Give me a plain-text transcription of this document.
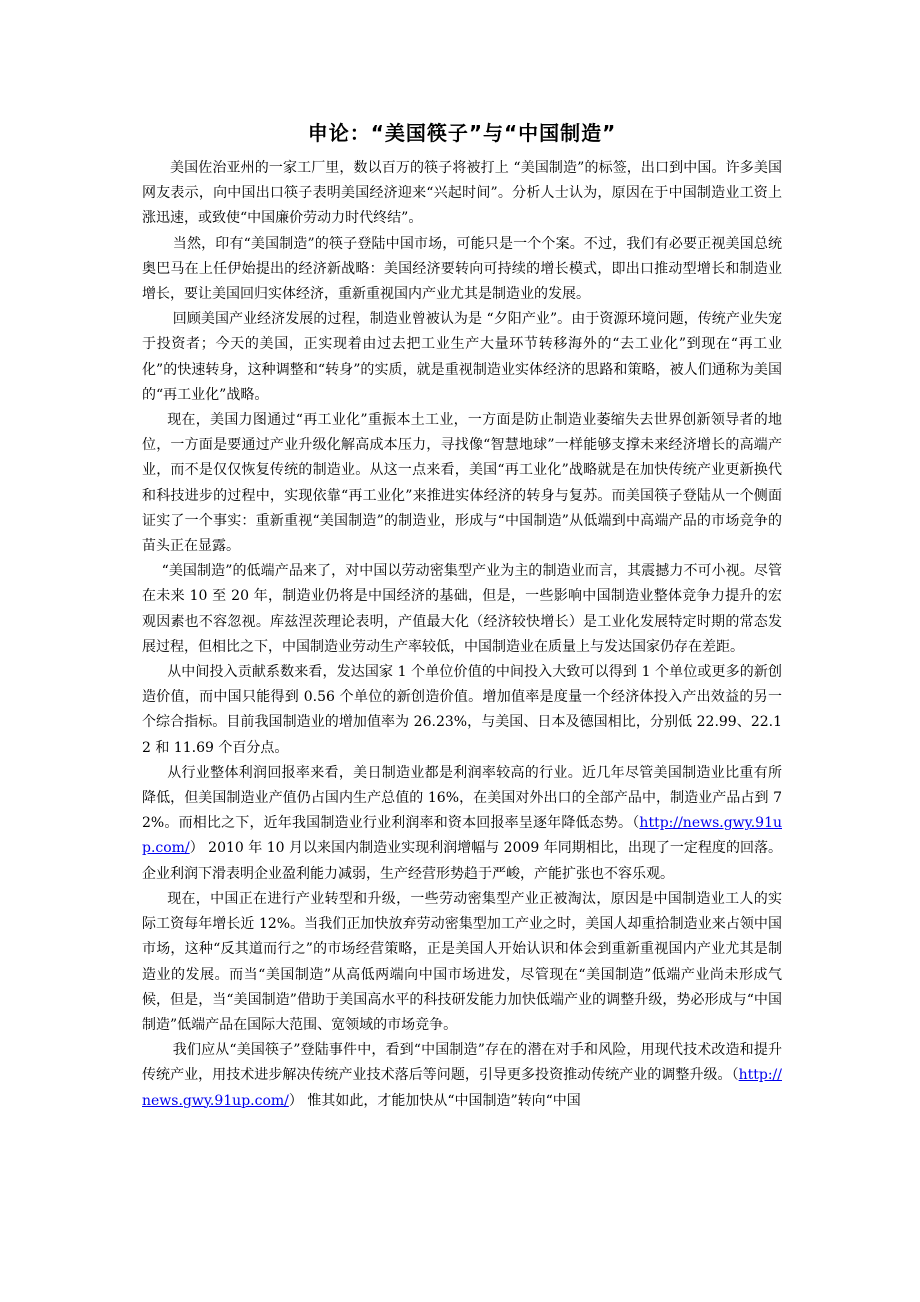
申论：“美国筷子”与“中国制造”

美国佐治亚州的一家工厂里，数以百万的筷子将被打上 “美国制造”的标签，出口到中国。许多美国网友表示，向中国出口筷子表明美国经济迎来“兴起时间”。分析人士认为，原因在于中国制造业工资上涨迅速，或致使“中国廉价劳动力时代终结”。

当然，印有“美国制造”的筷子登陆中国市场，可能只是一个个案。不过，我们有必要正视美国总统奥巴马在上任伊始提出的经济新战略：美国经济要转向可持续的增长模式，即出口推动型增长和制造业增长，要让美国回归实体经济，重新重视国内产业尤其是制造业的发展。

回顾美国产业经济发展的过程，制造业曾被认为是 “夕阳产业”。由于资源环境问题，传统产业失宠于投资者；今天的美国，正实现着由过去把工业生产大量环节转移海外的“去工业化”到现在“再工业化”的快速转身，这种调整和“转身”的实质，就是重视制造业实体经济的思路和策略，被人们通称为美国的“再工业化”战略。

现在，美国力图通过“再工业化”重振本土工业，一方面是防止制造业萎缩失去世界创新领导者的地位，一方面是要通过产业升级化解高成本压力，寻找像“智慧地球”一样能够支撑未来经济增长的高端产业，而不是仅仅恢复传统的制造业。从这一点来看，美国“再工业化”战略就是在加快传统产业更新换代和科技进步的过程中，实现依靠“再工业化”来推进实体经济的转身与复苏。而美国筷子登陆从一个侧面证实了一个事实：重新重视“美国制造”的制造业，形成与“中国制造”从低端到中高端产品的市场竞争的苗头正在显露。

“美国制造”的低端产品来了，对中国以劳动密集型产业为主的制造业而言，其震撼力不可小视。尽管在未来 10 至 20 年，制造业仍将是中国经济的基础，但是，一些影响中国制造业整体竞争力提升的宏观因素也不容忽视。库兹涅茨理论表明，产值最大化（经济较快增长）是工业化发展特定时期的常态发展过程，但相比之下，中国制造业劳动生产率较低，中国制造业在质量上与发达国家仍存在差距。

从中间投入贡献系数来看，发达国家 1 个单位价值的中间投入大致可以得到 1 个单位或更多的新创造价值，而中国只能得到 0.56 个单位的新创造价值。增加值率是度量一个经济体投入产出效益的另一个综合指标。目前我国制造业的增加值率为 26.23%，与美国、日本及德国相比，分别低 22.99、22.12 和 11.69 个百分点。

从行业整体利润回报率来看，美日制造业都是利润率较高的行业。近几年尽管美国制造业比重有所降低，但美国制造业产值仍占国内生产总值的 16%，在美国对外出口的全部产品中，制造业产品占到 72%。而相比之下，近年我国制造业行业利润率和资本回报率呈逐年降低态势。（http://news.gwy.91up.com/） 2010 年 10 月以来国内制造业实现利润增幅与 2009 年同期相比，出现了一定程度的回落。企业利润下滑表明企业盈利能力减弱，生产经营形势趋于严峻，产能扩张也不容乐观。

现在，中国正在进行产业转型和升级，一些劳动密集型产业正被淘汰，原因是中国制造业工人的实际工资每年增长近 12%。当我们正加快放弃劳动密集型加工产业之时，美国人却重拾制造业来占领中国市场，这种“反其道而行之”的市场经营策略，正是美国人开始认识和体会到重新重视国内产业尤其是制造业的发展。而当“美国制造”从高低两端向中国市场进发，尽管现在“美国制造”低端产业尚未形成气候，但是，当“美国制造”借助于美国高水平的科技研发能力加快低端产业的调整升级，势必形成与“中国制造”低端产品在国际大范围、宽领域的市场竞争。

我们应从“美国筷子”登陆事件中，看到“中国制造”存在的潜在对手和风险，用现代技术改造和提升传统产业，用技术进步解决传统产业技术落后等问题，引导更多投资推动传统产业的调整升级。（http://news.gwy.91up.com/） 惟其如此，才能加快从“中国制造”转向“中国
